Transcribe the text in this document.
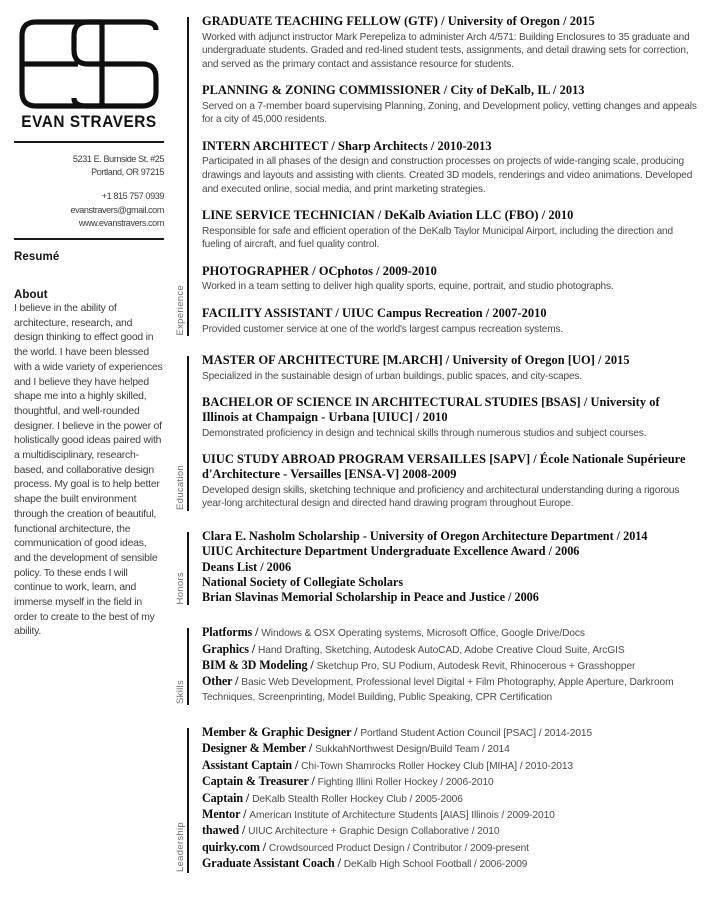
EVAN STRAVERS
5231 E. Burnside St. #25
Portland, OR 97215
+1 815 757 0939
evanstravers@gmail.com
www.evanstravers.com
Resumé
About
I believe in the ability of architecture, research, and design thinking to effect good in the world. I have been blessed with a wide variety of experiences and I believe they have helped shape me into a highly skilled, thoughtful, and well-rounded designer. I believe in the power of holistically good ideas paired with a multidisciplinary, research-based, and collaborative design process. My goal is to help better shape the built environment through the creation of beautiful, functional architecture, the communication of good ideas, and the development of sensible policy. To these ends I will continue to work, learn, and immerse myself in the field in order to create to the best of my ability.
Experience
GRADUATE TEACHING FELLOW (GTF) / University of Oregon / 2015
Worked with adjunct instructor Mark Perepeliza to administer Arch 4/571: Building Enclosures to 35 graduate and undergraduate students. Graded and red-lined student tests, assignments, and detail drawing sets for correction, and served as the primary contact and assistance resource for students.
PLANNING & ZONING COMMISSIONER / City of DeKalb, IL / 2013
Served on a 7-member board supervising Planning, Zoning, and Development policy, vetting changes and appeals for a city of 45,000 residents.
INTERN ARCHITECT / Sharp Architects / 2010-2013
Participated in all phases of the design and construction processes on projects of wide-ranging scale, producing drawings and layouts and assisting with clients. Created 3D models, renderings and video animations. Developed and executed online, social media, and print marketing strategies.
LINE SERVICE TECHNICIAN / DeKalb Aviation LLC (FBO) / 2010
Responsible for safe and efficient operation of the DeKalb Taylor Municipal Airport, including the direction and fueling of aircraft, and fuel quality control.
PHOTOGRAPHER / OCphotos / 2009-2010
Worked in a team setting to deliver high quality sports, equine, portrait, and studio photographs.
FACILITY ASSISTANT / UIUC Campus Recreation / 2007-2010
Provided customer service at one of the world's largest campus recreation systems.
Education
MASTER OF ARCHITECTURE [M.ARCH] / University of Oregon [UO] / 2015
Specialized in the sustainable design of urban buildings, public spaces, and city-scapes.
BACHELOR OF SCIENCE IN ARCHITECTURAL STUDIES [BSAS] / University of Illinois at Champaign - Urbana [UIUC] / 2010
Demonstrated proficiency in design and technical skills through numerous studios and subject courses.
UIUC STUDY ABROAD PROGRAM VERSAILLES [SAPV] / École Nationale Supérieure d'Architecture - Versailles [ENSA-V] 2008-2009
Developed design skills, sketching technique and proficiency and architectural understanding during a rigorous year-long architectural design and directed hand drawing program throughout Europe.
Honors
Clara E. Nasholm Scholarship - University of Oregon Architecture Department / 2014
UIUC Architecture Department Undergraduate Excellence Award / 2006
Deans List / 2006
National Society of Collegiate Scholars
Brian Slavinas Memorial Scholarship in Peace and Justice / 2006
Skills
Platforms / Windows & OSX Operating systems, Microsoft Office, Google Drive/Docs
Graphics / Hand Drafting, Sketching, Autodesk AutoCAD, Adobe Creative Cloud Suite, ArcGIS
BIM & 3D Modeling / Sketchup Pro, SU Podium, Autodesk Revit, Rhinocerous + Grasshopper
Other / Basic Web Development, Professional level Digital + Film Photography, Apple Aperture, Darkroom Techniques, Screenprinting, Model Building, Public Speaking, CPR Certification
Leadership
Member & Graphic Designer / Portland Student Action Council [PSAC] / 2014-2015
Designer & Member / SukkahNorthwest Design/Build Team / 2014
Assistant Captain / Chi-Town Shamrocks Roller Hockey Club [MIHA] / 2010-2013
Captain & Treasurer / Fighting Illini Roller Hockey / 2006-2010
Captain / DeKalb Stealth Roller Hockey Club / 2005-2006
Mentor / American Institute of Architecture Students [AIAS] Illinois / 2009-2010
thawed / UIUC Architecture + Graphic Design Collaborative / 2010
quirky.com / Crowdsourced Product Design / Contributor / 2009-present
Graduate Assistant Coach / DeKalb High School Football / 2006-2009
